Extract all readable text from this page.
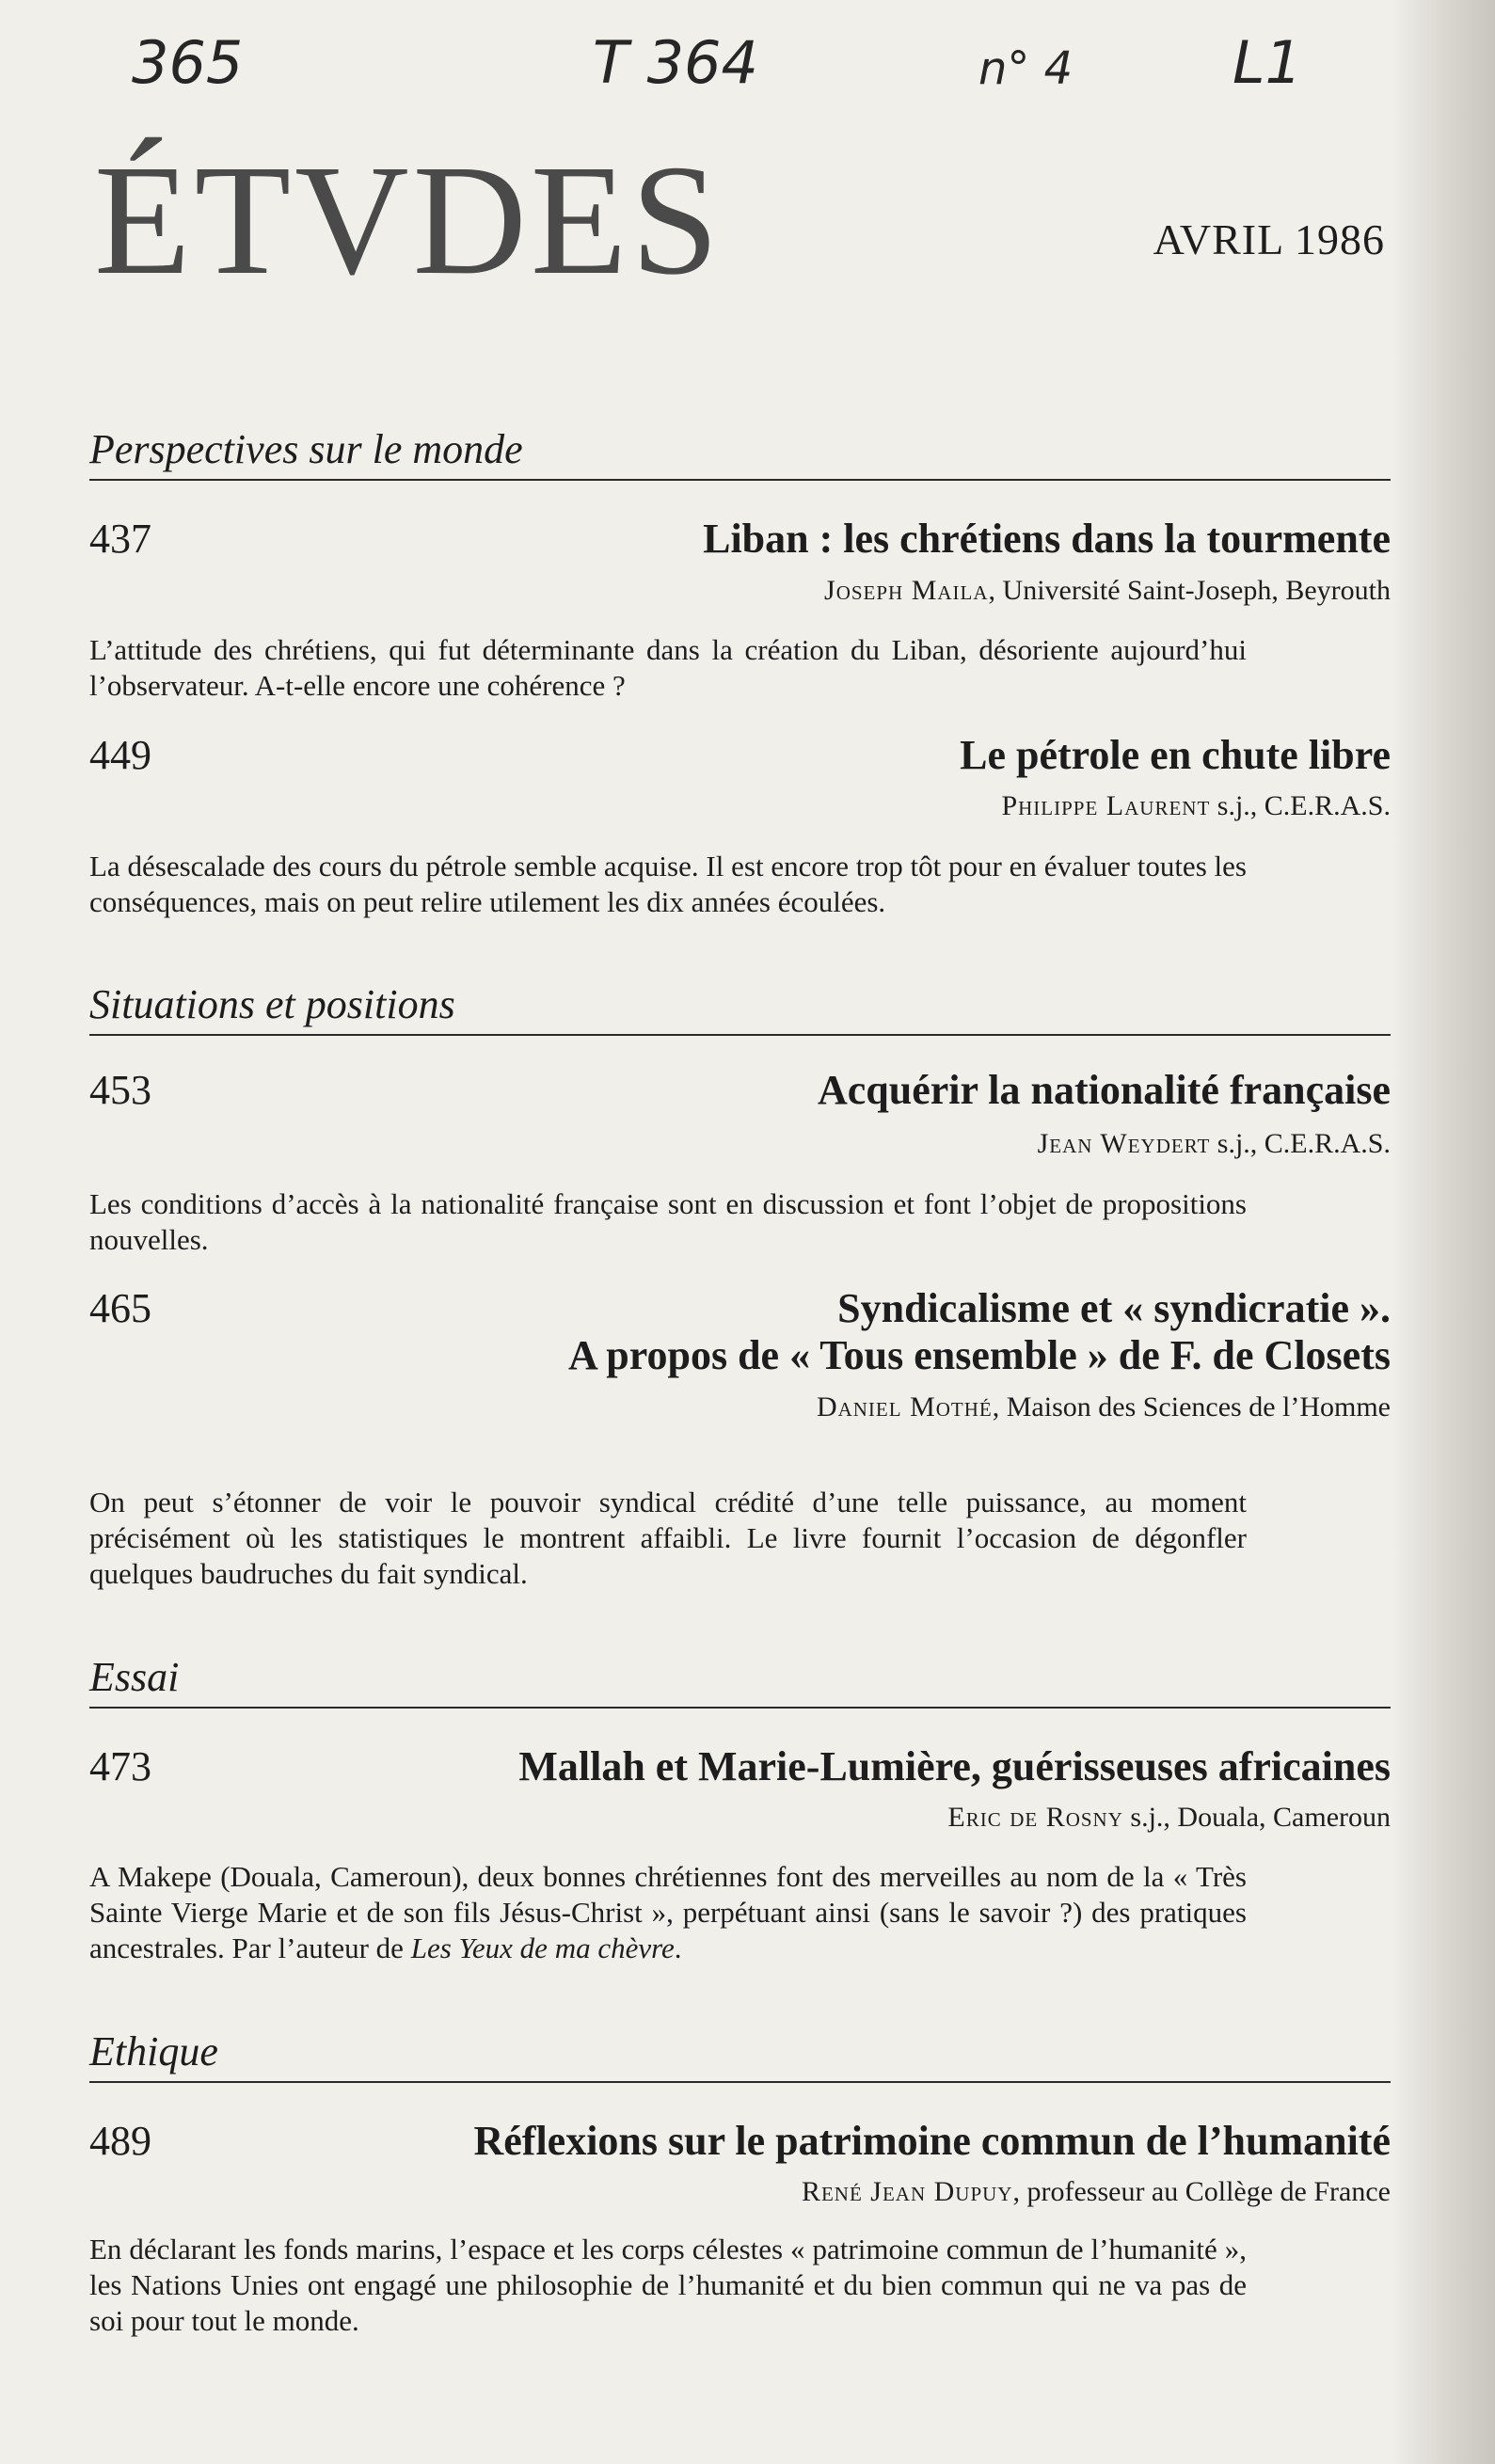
365	T 364	n° 4	L1
ÉTVDES	AVRIL 1986
Perspectives sur le monde
437	Liban : les chrétiens dans la tourmente
Joseph Maila, Université Saint-Joseph, Beyrouth
L’attitude des chrétiens, qui fut déterminante dans la création du Liban, désoriente aujourd’hui l’observateur. A-t-elle encore une cohérence ?
449	Le pétrole en chute libre
Philippe Laurent s.j., C.E.R.A.S.
La désescalade des cours du pétrole semble acquise. Il est encore trop tôt pour en évaluer toutes les conséquences, mais on peut relire utilement les dix années écoulées.
Situations et positions
453	Acquérir la nationalité française
Jean Weydert s.j., C.E.R.A.S.
Les conditions d’accès à la nationalité française sont en discussion et font l’objet de propositions nouvelles.
465	Syndicalisme et « syndicratie ».
A propos de « Tous ensemble » de F. de Closets
Daniel Mothé, Maison des Sciences de l’Homme
On peut s’étonner de voir le pouvoir syndical crédité d’une telle puissance, au moment précisément où les statistiques le montrent affaibli. Le livre fournit l’occasion de dégonfler quelques baudruches du fait syndical.
Essai
473	Mallah et Marie-Lumière, guérisseuses africaines
Eric de Rosny s.j., Douala, Cameroun
A Makepe (Douala, Cameroun), deux bonnes chrétiennes font des merveilles au nom de la « Très Sainte Vierge Marie et de son fils Jésus-Christ », perpétuant ainsi (sans le savoir ?) des pratiques ancestrales. Par l’auteur de Les Yeux de ma chèvre.
Ethique
489	Réflexions sur le patrimoine commun de l’humanité
René Jean Dupuy, professeur au Collège de France
En déclarant les fonds marins, l’espace et les corps célestes « patrimoine commun de l’humanité », les Nations Unies ont engagé une philosophie de l’humanité et du bien commun qui ne va pas de soi pour tout le monde.
